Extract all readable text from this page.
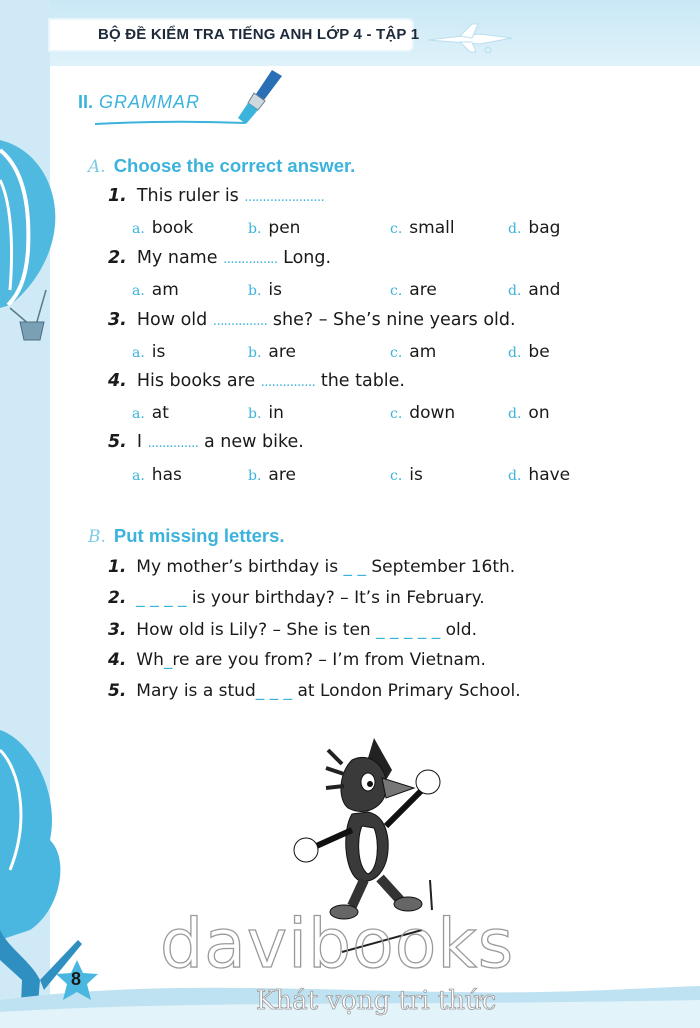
BỘ ĐỀ KIỂM TRA TIẾNG ANH LỚP 4 - TẬP 1
II. GRAMMAR
A. Choose the correct answer.
1. This ruler is ......................
a. book	b. pen	c. small	d. bag
2. My name ............... Long.
a. am	b. is	c. are	d. and
3. How old ............... she? – She’s nine years old.
a. is	b. are	c. am	d. be
4. His books are ............... the table.
a. at	b. in	c. down	d. on
5. I .............. a new bike.
a. has	b. are	c. is	d. have
B. Put missing letters.
1. My mother’s birthday is _ _ September 16th.
2. _ _ _ _ is your birthday? – It’s in February.
3. How old is Lily? – She is ten _ _ _ _ _ old.
4. Wh_re are you from? – I’m from Vietnam.
5. Mary is a stud_ _ _ at London Primary School.
8 davibooks
Khát vọng tri thức
